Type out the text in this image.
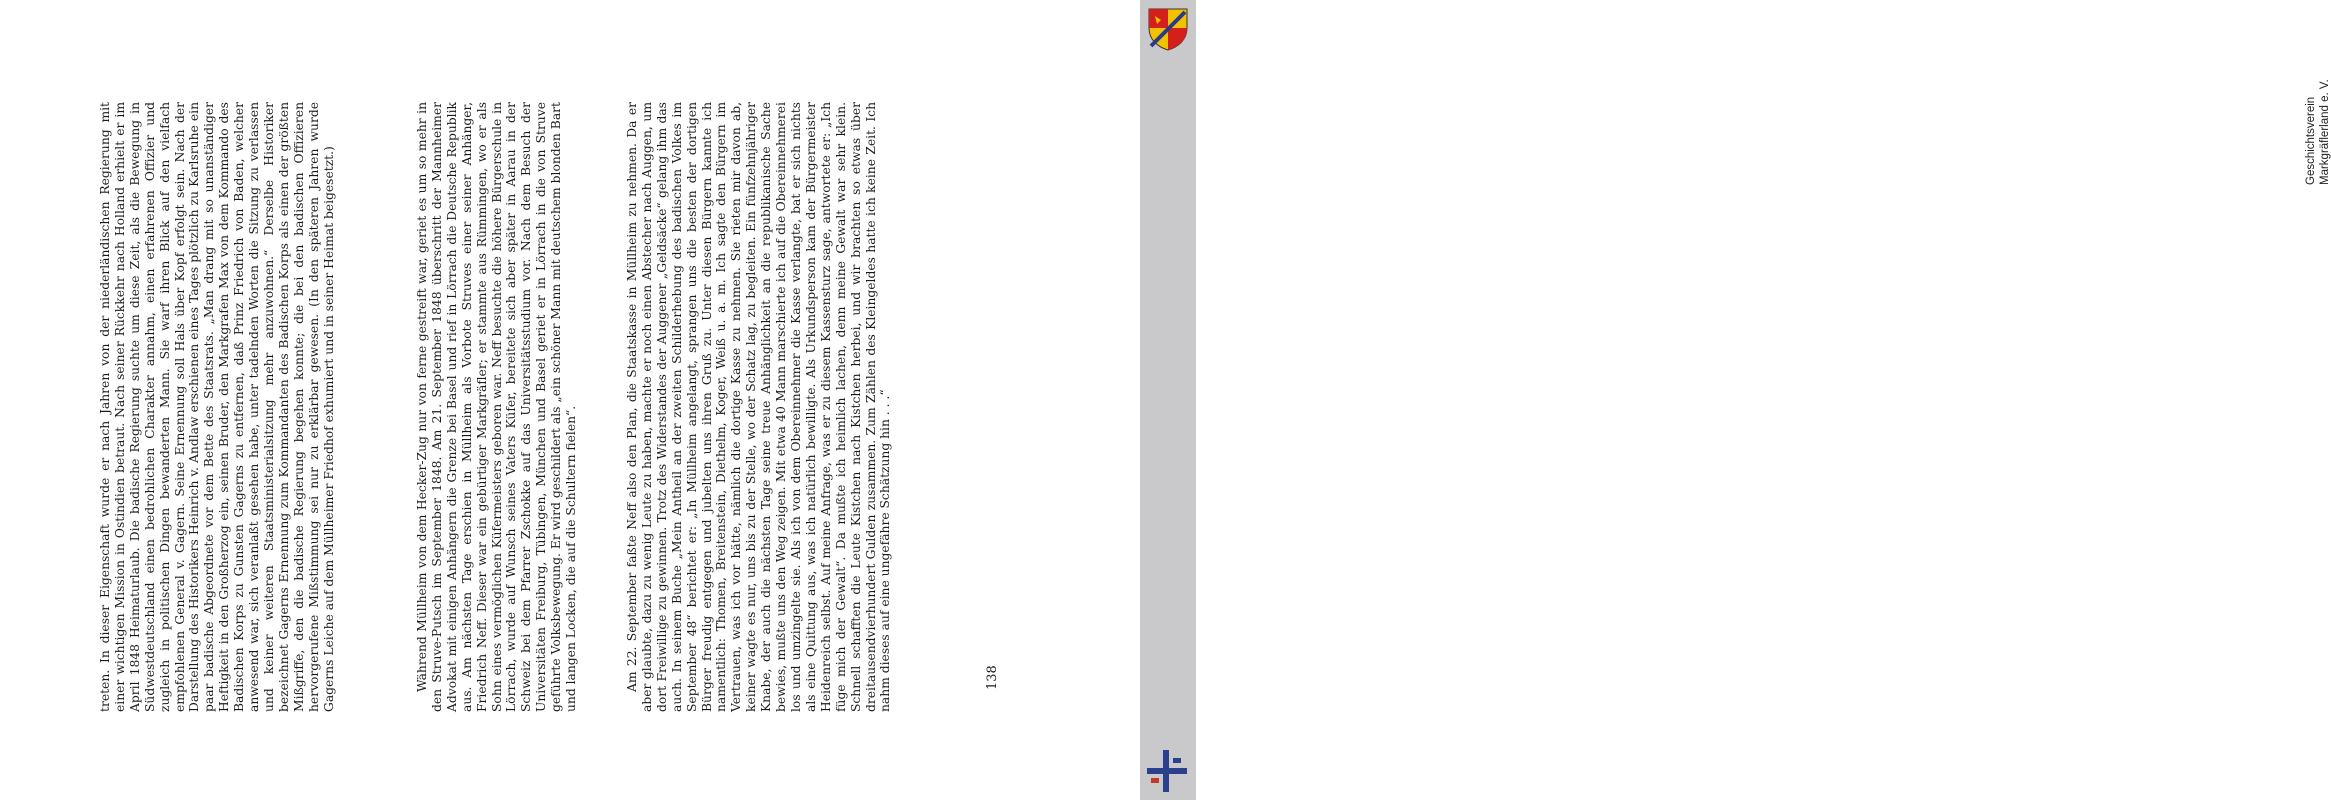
treten. In dieser Eigenschaft wurde er nach Jahren von der niederländischen Regierung mit einer wichtigen Mission in Ostindien betraut. Nach seiner Rückkehr nach Holland erhielt er im April 1848 Heimaturlaub. Die badische Regierung suchte um diese Zeit, als die Bewegung in Südwestdeutschland einen bedrohlichen Charakter annahm, einen erfahrenen Offizier und zugleich in politischen Dingen bewanderten Mann. Sie warf ihren Blick auf den vielfach empfohlenen General v. Gagern. Seine Ernennung soll Hals über Kopf erfolgt sein. Nach der Darstellung des Historikers Heinrich v. Andlaw erschienen eines Tages plötzlich zu Karlsruhe ein paar badische Abgeordnete vor dem Bette des Staatsrats. „Man drang mit so unanständiger Heftigkeit in den Großherzog ein, seinen Bruder, den Markgrafen Max von dem Kommando des Badischen Korps zu Gunsten Gagerns zu entfernen, daß Prinz Friedrich von Baden, welcher anwesend war, sich veranlaßt gesehen habe, unter tadelnden Worten die Sitzung zu verlassen und keiner weiteren Staatsministerialsitzung mehr anzuwohnen.“ Derselbe Historiker bezeichnet Gagerns Ernennung zum Kommandanten des Badischen Korps als einen der größten Mißgriffe, den die badische Regierung begehen konnte; die bei den badischen Offizieren hervorgerufene Mißstimmung sei nur zu erklärbar gewesen. (In den späteren Jahren wurde Gagerns Leiche auf dem Müllheimer Friedhof exhumiert und in seiner Heimat beigesetzt.)	Während Müllheim von dem Hecker-Zug nur von ferne gestreift war, geriet es um so mehr in den Struve-Putsch im September 1848. Am 21. September 1848 überschritt der Mannheimer Advokat mit einigen Anhängern die Grenze bei Basel und rief in Lörrach die Deutsche Republik aus. Am nächsten Tage erschien in Müllheim als Vorbote Struves einer seiner Anhänger, Friedrich Neff. Dieser war ein gebürtiger Markgräfler; er stammte aus Rümmingen, wo er als Sohn eines vermöglichen Küfermeisters geboren war. Neff besuchte die höhere Bürgerschule in Lörrach, wurde auf Wunsch seines Vaters Küfer, bereitete sich aber später in Aarau in der Schweiz bei dem Pfarrer Zschokke auf das Universitätsstudium vor. Nach dem Besuch der Universitäten Freiburg, Tübingen, München und Basel geriet er in Lörrach in die von Struve geführte Volksbewegung. Er wird geschildert als „ein schöner Mann mit deutschem blonden Bart und langen Locken, die auf die Schultern fielen“.	Am 22. September faßte Neff also den Plan, die Staatskasse in Müllheim zu nehmen. Da er aber glaubte, dazu zu wenig Leute zu haben, machte er noch einen Abstecher nach Auggen, um dort Freiwillige zu gewinnen. Trotz des Widerstandes der Auggener „Geldsäcke“ gelang ihm das auch. In seinem Buche „Mein Antheil an der zweiten Schilderhebung des badischen Volkes im September 48“ berichtet er: „In Müllheim angelangt, sprangen uns die besten der dortigen Bürger freudig entgegen und jubelten uns ihren Gruß zu. Unter diesen Bürgern kannte ich namentlich: Thomen, Breitenstein, Diethelm, Koger, Weiß u. a. m. Ich sagte den Bürgern im Vertrauen, was ich vor hätte, nämlich die dortige Kasse zu nehmen. Sie rieten mir davon ab, keiner wagte es nur, uns bis zu der Stelle, wo der Schatz lag, zu begleiten. Ein fünfzehnjähriger Knabe, der auch die nächsten Tage seine treue Anhänglichkeit an die republikanische Sache bewies, mußte uns den Weg zeigen. Mit etwa 40 Mann marschierte ich auf die Obereinnehmerei los und umzingelte sie. Als ich von dem Obereinnehmer die Kasse verlangte, bat er sich nichts als eine Quittung aus, was ich natürlich bewilligte. Als Urkundsperson kam der Bürgermeister Heidenreich selbst. Auf meine Anfrage, was er zu diesem Kassensturz sage, antwortete er: „Ich füge mich der Gewalt“. Da mußte ich heimlich lachen, denn meine Gewalt war sehr klein. Schnell schafften die Leute Kistchen nach Kistchen herbei, und wir brachten so etwas über dreitausendvierhundert Gulden zusammen. Zum Zählen des Kleingeldes hatte ich keine Zeit. Ich nahm dieses auf eine ungefähre Schätzung hin . . .“	138
Geschichtsverein Markgräflerland e. V.
